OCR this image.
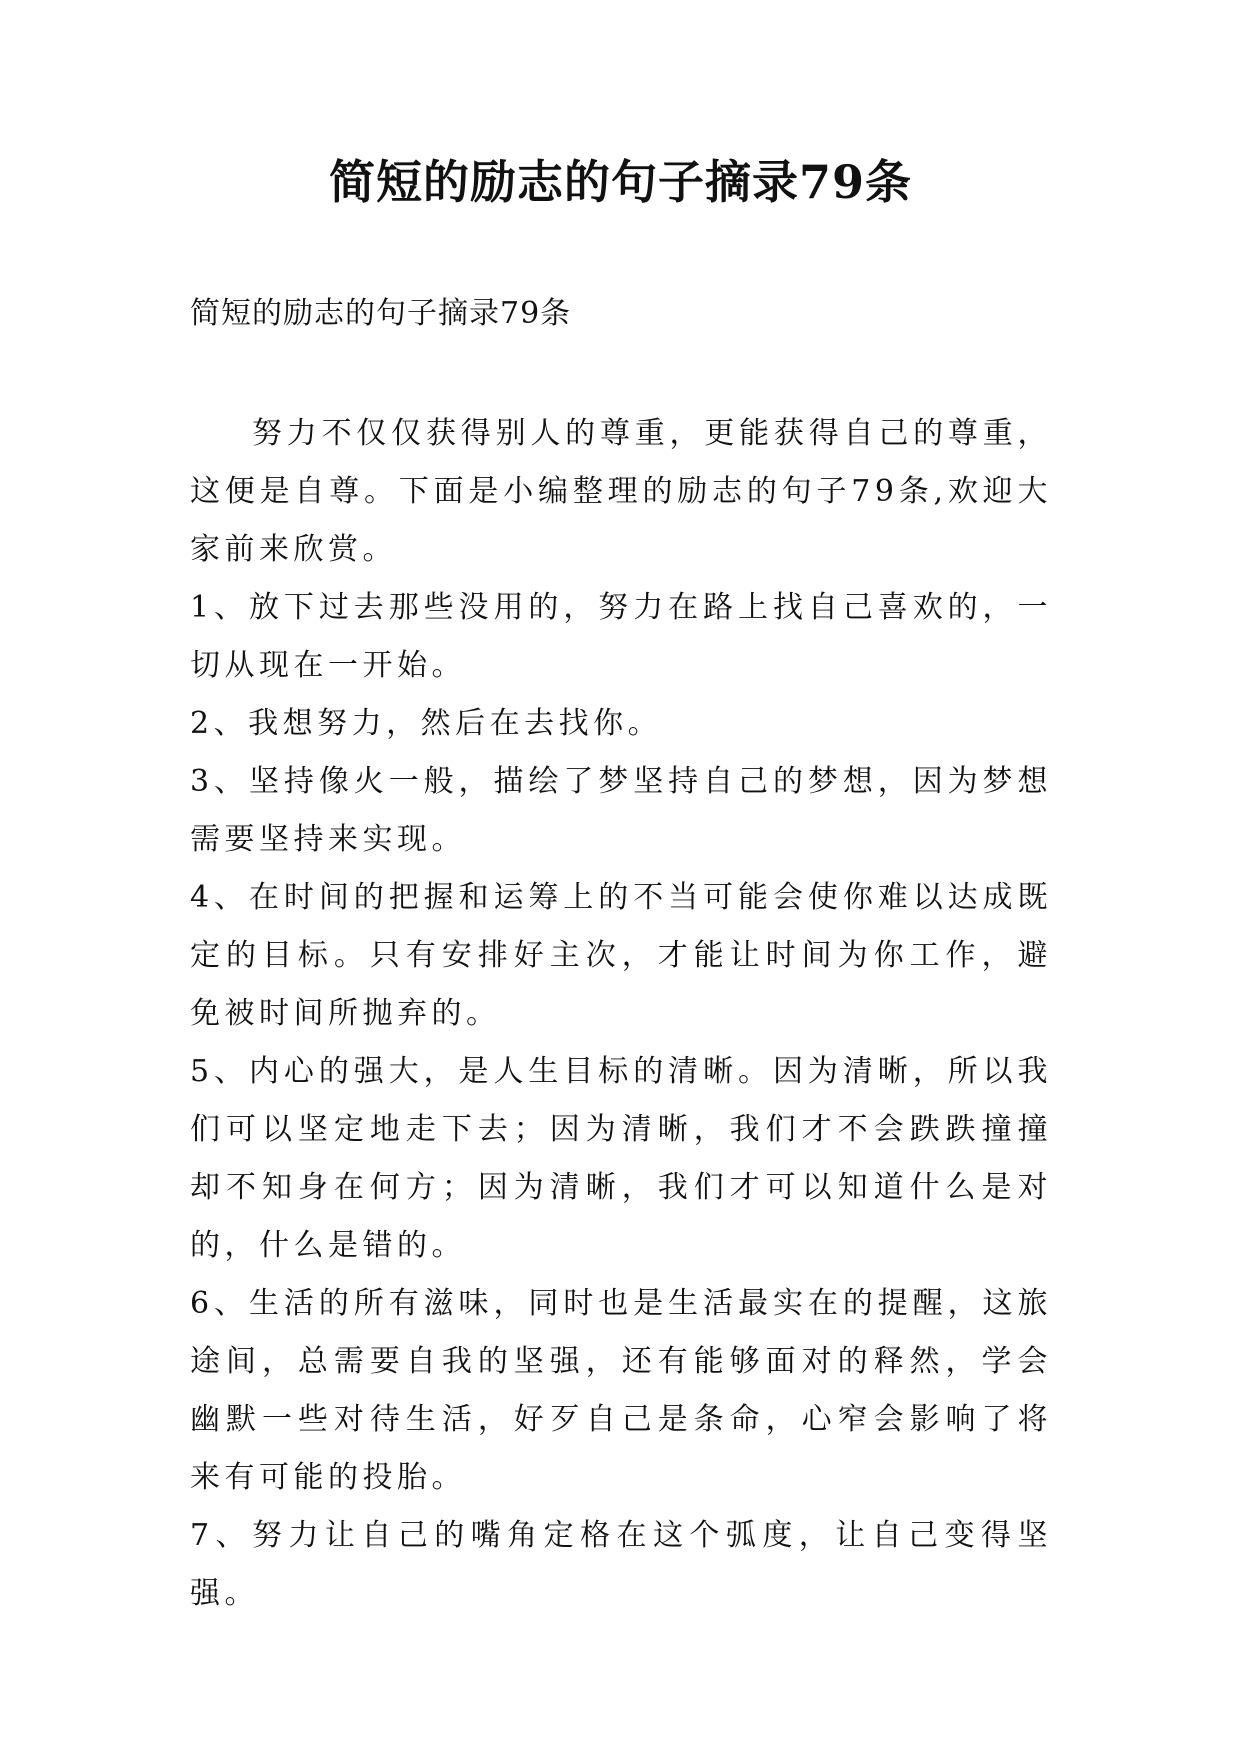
简短的励志的句子摘录79条
简短的励志的句子摘录79条

努力不仅仅获得别人的尊重，更能获得自己的尊重，这便是自尊。下面是小编整理的励志的句子79条,欢迎大家前来欣赏。

1、放下过去那些没用的，努力在路上找自己喜欢的，一切从现在一开始。

2、我想努力，然后在去找你。

3、坚持像火一般，描绘了梦坚持自己的梦想，因为梦想需要坚持来实现。

4、在时间的把握和运筹上的不当可能会使你难以达成既定的目标。只有安排好主次，才能让时间为你工作，避免被时间所抛弃的。

5、内心的强大，是人生目标的清晰。因为清晰，所以我们可以坚定地走下去；因为清晰，我们才不会跌跌撞撞却不知身在何方；因为清晰，我们才可以知道什么是对的，什么是错的。

6、生活的所有滋味，同时也是生活最实在的提醒，这旅途间，总需要自我的坚强，还有能够面对的释然，学会幽默一些对待生活，好歹自己是条命，心窄会影响了将来有可能的投胎。

7、努力让自己的嘴角定格在这个弧度，让自己变得坚强。
